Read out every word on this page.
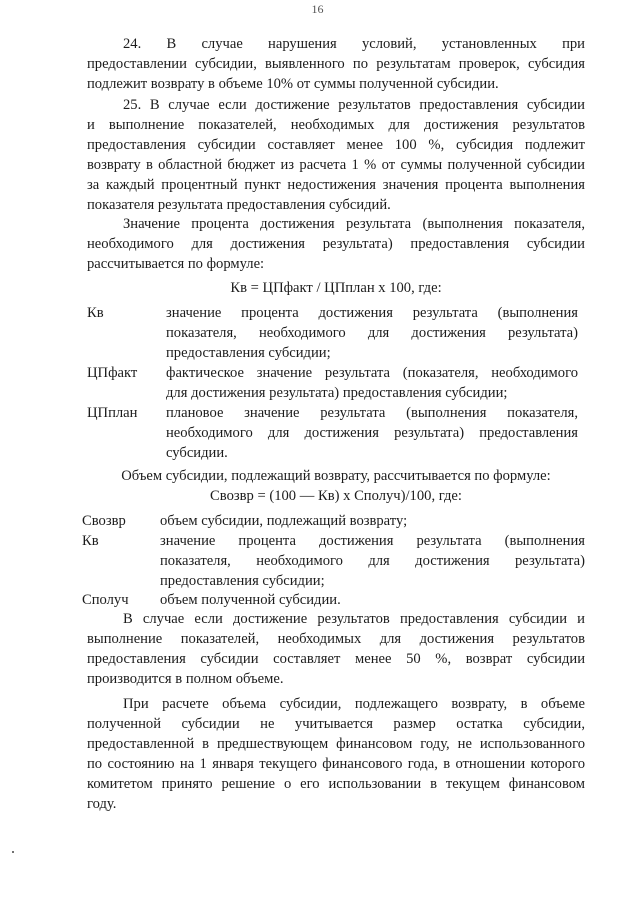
16
24. В случае нарушения условий, установленных при
предоставлении субсидии, выявленного по результатам проверок, субсидия
подлежит возврату в объеме 10% от суммы полученной субсидии.
25. В случае если достижение результатов предоставления субсидии
и выполнение показателей, необходимых для достижения результатов
предоставления субсидии составляет менее 100 %, субсидия подлежит
возврату в областной бюджет из расчета 1 % от суммы полученной субсидии
за каждый процентный пункт недостижения значения процента выполнения
показателя результата предоставления субсидий.
Значение процента достижения результата (выполнения показателя,
необходимого для достижения результата) предоставления субсидии
рассчитывается по формуле:
Кв = ЦПфакт / ЦПплан х 100, где:
Кв	значение процента достижения результата (выполнения
показателя, необходимого для достижения результата)
предоставления субсидии;
ЦПфакт фактическое значение результата (показателя, необходимого
для достижения результата) предоставления субсидии;
ЦПплан плановое значение результата (выполнения показателя,
необходимого для достижения результата) предоставления
субсидии.
Объем субсидии, подлежащий возврату, рассчитывается по формуле:
Свозвр = (100 — Кв) х Сполуч)/100, где:
Свозвр объем субсидии, подлежащий возврату;
Кв	значение процента достижения результата (выполнения
показателя, необходимого для достижения результата)
предоставления субсидии;
Сполуч объем полученной субсидии.
В случае если достижение результатов предоставления субсидии и
выполнение показателей, необходимых для достижения результатов
предоставления субсидии составляет менее 50 %, возврат субсидии
производится в полном объеме.
При расчете объема субсидии, подлежащего возврату, в объеме
полученной субсидии не учитывается размер остатка субсидии,
предоставленной в предшествующем финансовом году, не использованного
по состоянию на 1 января текущего финансового года, в отношении которого
комитетом принято решение о его использовании в текущем финансовом
году.
